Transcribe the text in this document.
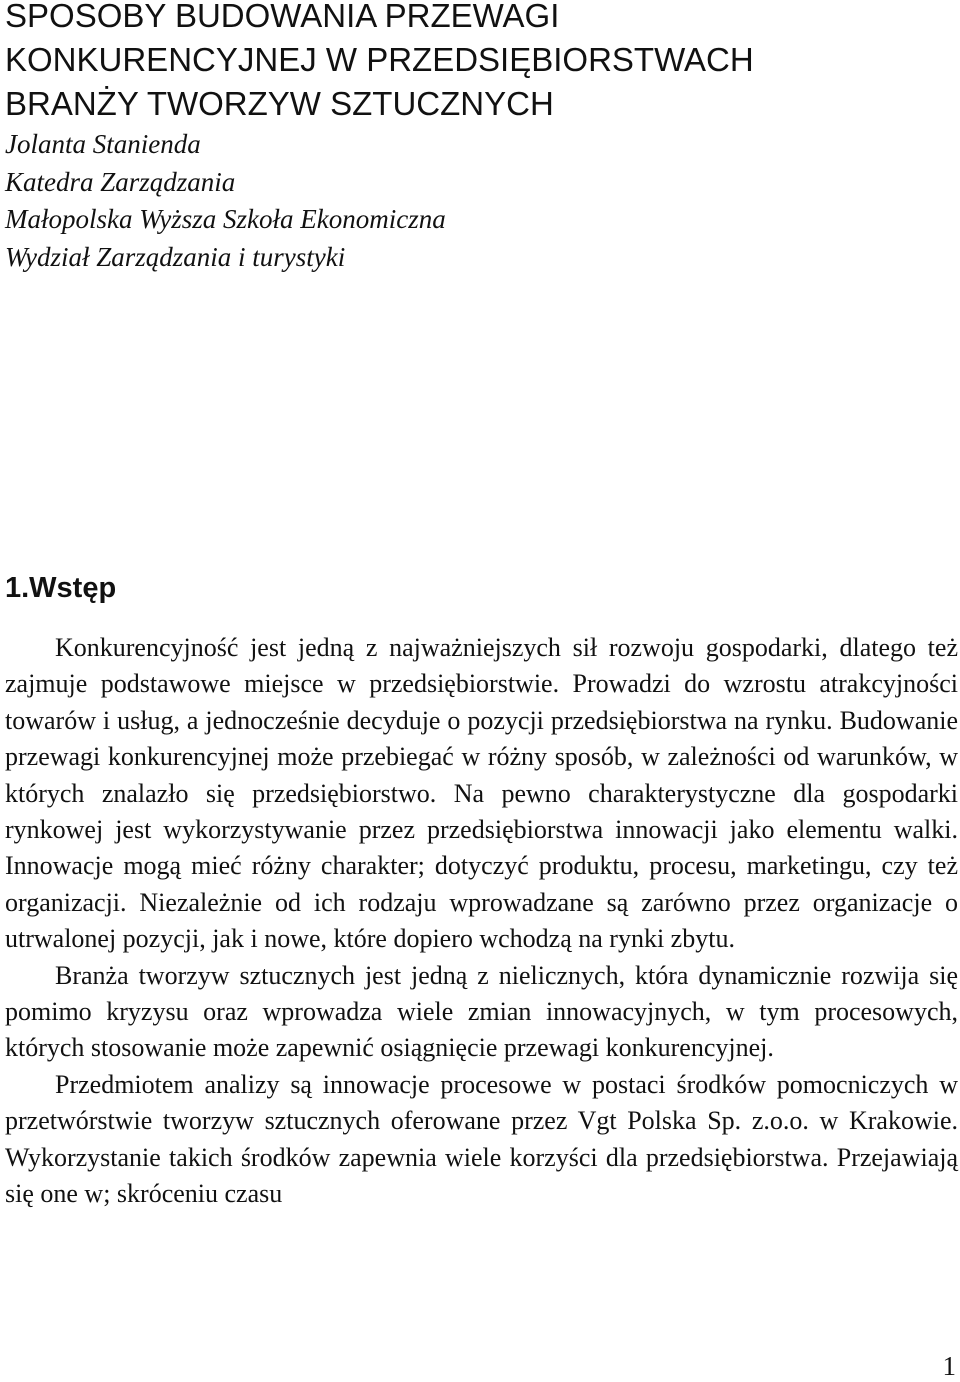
SPOSOBY BUDOWANIA PRZEWAGI
KONKURENCYJNEJ W PRZEDSIĘBIORSTWACH
BRANŻY TWORZYW SZTUCZNYCH
Jolanta Stanienda
Katedra Zarządzania
Małopolska Wyższa Szkoła Ekonomiczna
Wydział Zarządzania i turystyki
1.Wstęp

Konkurencyjność jest jedną z najważniejszych sił rozwoju gospodarki, dlatego też zajmuje podstawowe miejsce w przedsiębiorstwie. Prowadzi do wzrostu atrakcyjności towarów i usług, a jednocześnie decyduje o pozycji przedsiębiorstwa na rynku. Budowanie przewagi konkurencyjnej może przebiegać w różny sposób, w zależności od warunków, w których znalazło się przedsiębiorstwo. Na pewno charakterystyczne dla gospodarki rynkowej jest wykorzystywanie przez przedsiębiorstwa innowacji jako elementu walki. Innowacje mogą mieć różny charakter; dotyczyć produktu, procesu, marketingu, czy też organizacji. Niezależnie od ich rodzaju wprowadzane są zarówno przez organizacje o utrwalonej pozycji, jak i nowe, które dopiero wchodzą na rynki zbytu.

Branża tworzyw sztucznych jest jedną z nielicznych, która dynamicznie rozwija się pomimo kryzysu oraz wprowadza wiele zmian innowacyjnych, w tym procesowych, których stosowanie może zapewnić osiągnięcie przewagi konkurencyjnej.

Przedmiotem analizy są innowacje procesowe w postaci środków pomocniczych w przetwórstwie tworzyw sztucznych oferowane przez Vgt Polska Sp. z.o.o. w Krakowie. Wykorzystanie takich środków zapewnia wiele korzyści dla przedsiębiorstwa. Przejawiają się one w; skróceniu czasu

1
